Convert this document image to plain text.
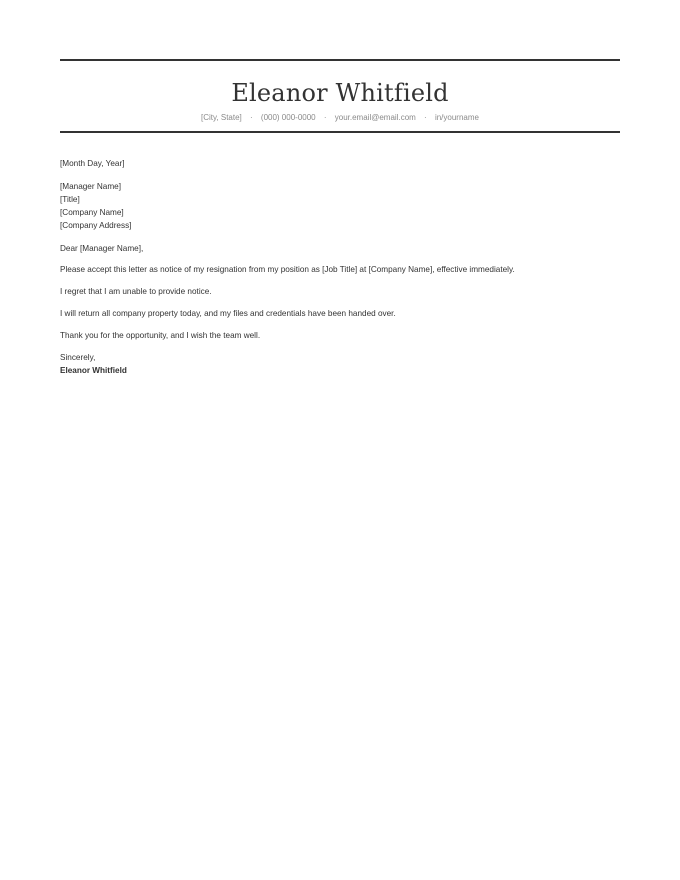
Eleanor Whitfield
[City, State] · (000) 000-0000 · your.email@email.com · in/yourname

[Month Day, Year]

[Manager Name]

[Title]

[Company Name]

[Company Address]

Dear [Manager Name],

Please accept this letter as notice of my resignation from my position as [Job Title] at [Company Name], effective immediately.

I regret that I am unable to provide notice.

I will return all company property today, and my files and credentials have been handed over.

Thank you for the opportunity, and I wish the team well.

Sincerely,

Eleanor Whitfield
